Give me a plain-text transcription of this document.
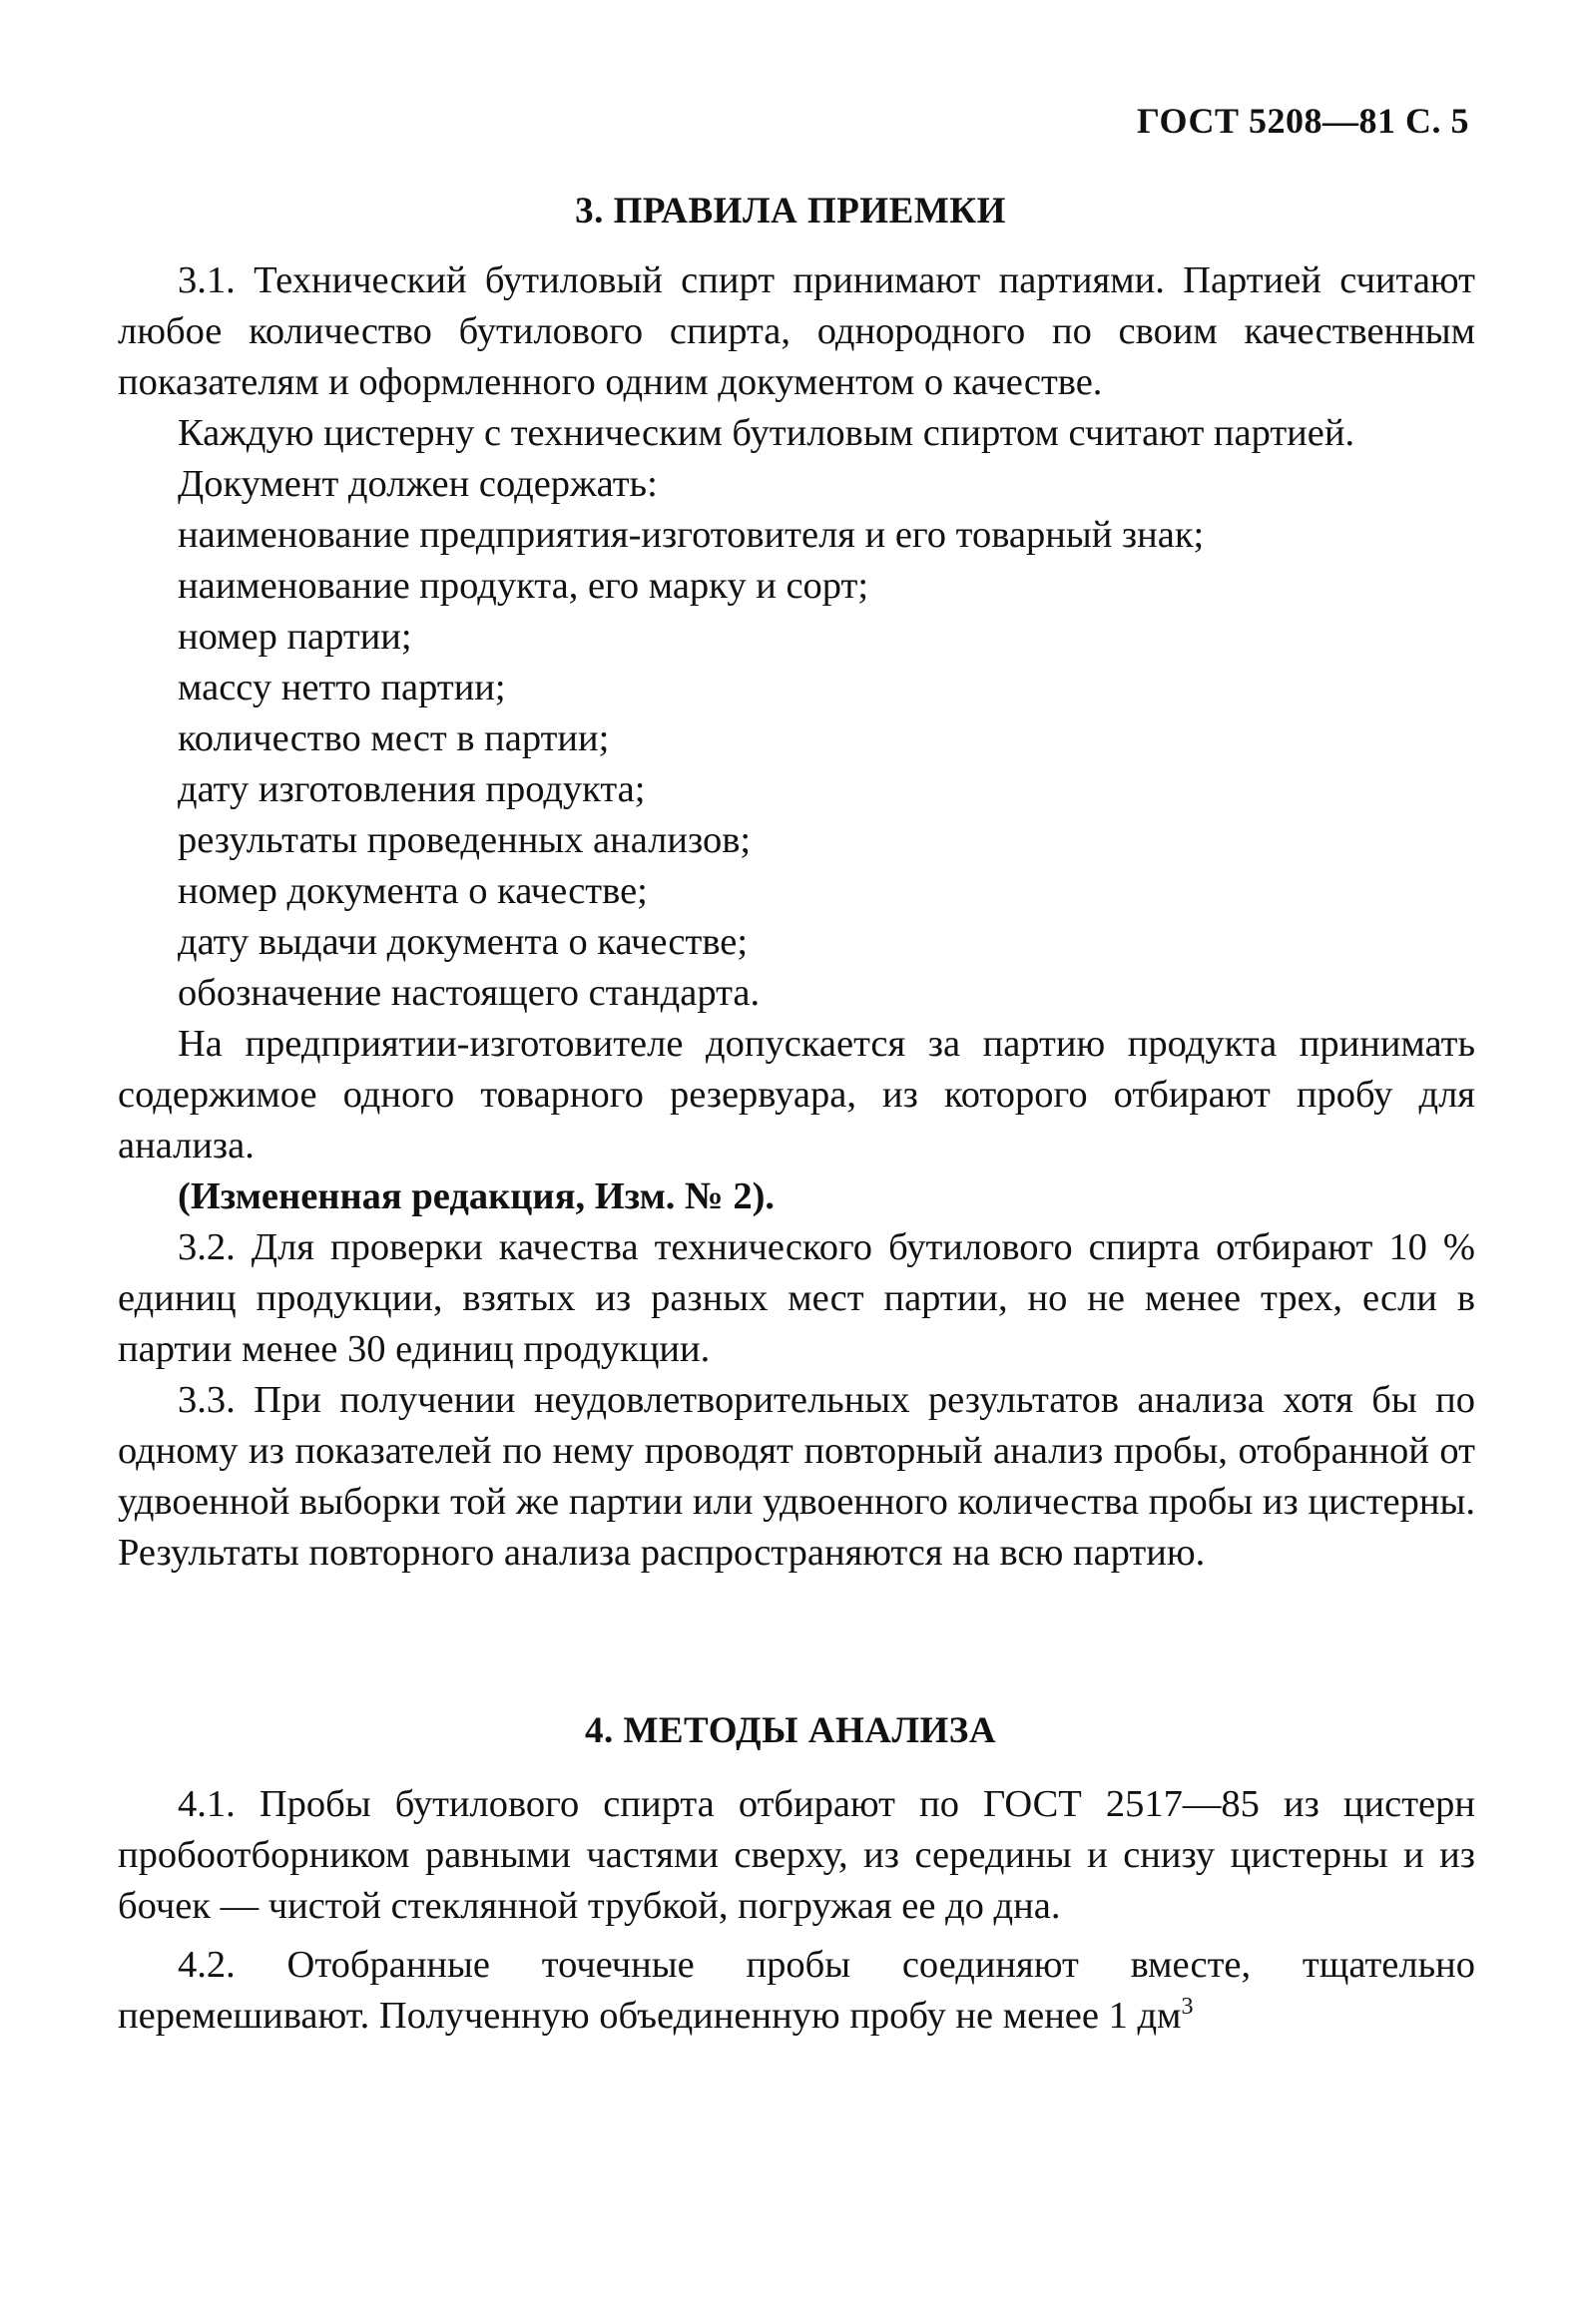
ГОСТ 5208—81 С. 5
3. ПРАВИЛА ПРИЕМКИ

3.1. Технический бутиловый спирт принимают партиями. Партией считают любое количество бутилового спирта, однородного по своим качественным показателям и оформленного одним документом о качестве.

Каждую цистерну с техническим бутиловым спиртом считают партией.

Документ должен содержать:
наименование предприятия-изготовителя и его товарный знак;
наименование продукта, его марку и сорт;
номер партии;
массу нетто партии;
количество мест в партии;
дату изготовления продукта;
результаты проведенных анализов;
номер документа о качестве;
дату выдачи документа о качестве;
обозначение настоящего стандарта.

На предприятии-изготовителе допускается за партию продукта принимать содержимое одного товарного резервуара, из которого отбирают пробу для анализа.

(Измененная редакция, Изм. № 2).

3.2. Для проверки качества технического бутилового спирта отбирают 10 % единиц продукции, взятых из разных мест партии, но не менее трех, если в партии менее 30 единиц продукции.

3.3. При получении неудовлетворительных результатов анализа хотя бы по одному из показателей по нему проводят повторный анализ пробы, отобранной от удвоенной выборки той же партии или удвоенного количества пробы из цистерны. Результаты повторного анализа распространяются на всю партию.

4. МЕТОДЫ АНАЛИЗА

4.1. Пробы бутилового спирта отбирают по ГОСТ 2517—85 из цистерн пробоотборником равными частями сверху, из середины и снизу цистерны и из бочек — чистой стеклянной трубкой, погружая ее до дна.

4.2. Отобранные точечные пробы соединяют вместе, тщательно перемешивают. Полученную объединенную пробу не менее 1 $дм^3$
